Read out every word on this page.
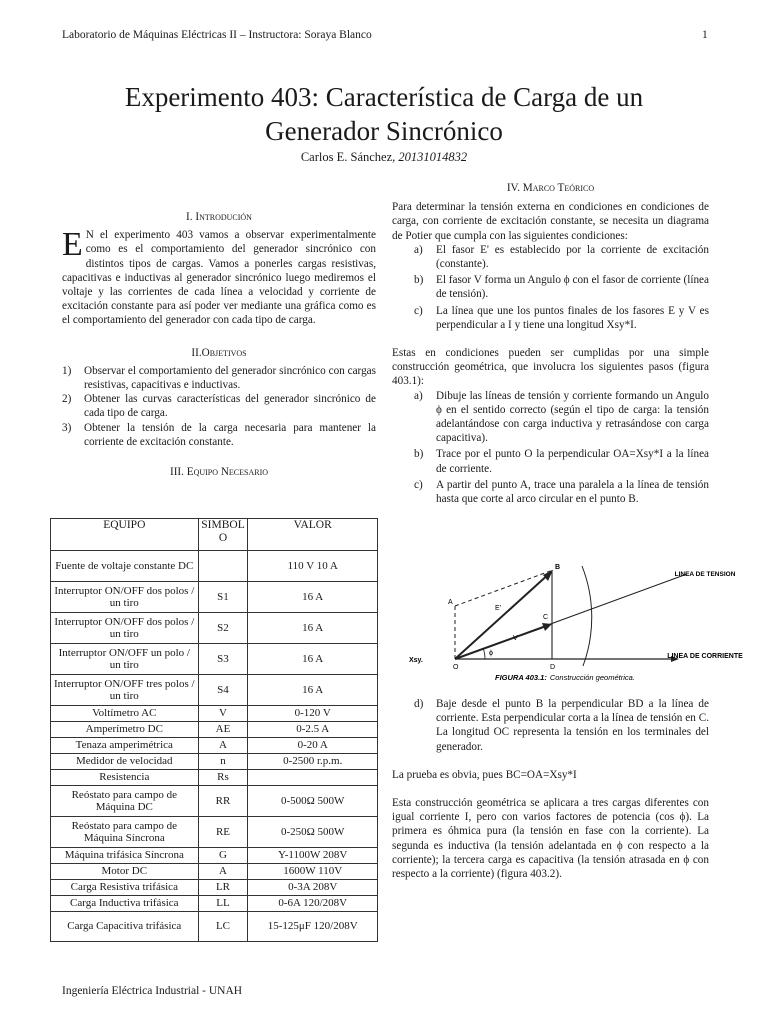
Laboratorio de Máquinas Eléctricas II – Instructora: Soraya Blanco	1
Experimento 403: Característica de Carga de un
Generador Sincrónico
Carlos E. Sánchez, 20131014832
I. Introdución
E N el experimento 403 vamos a observar experimentalmente como es el comportamiento del generador sincrónico con distintos tipos de cargas. Vamos a ponerles cargas resistivas, capacitivas e inductivas al generador sincrónico luego mediremos el voltaje y las corrientes de cada línea a velocidad y corriente de excitación constante para así poder ver mediante una gráfica como es el comportamiento del generador con cada tipo de carga.
II.Objetivos
1) Observar el comportamiento del generador sincrónico con cargas resistivas, capacitivas e inductivas.
2) Obtener las curvas características del generador sincrónico de cada tipo de carga.
3) Obtener la tensión de la carga necesaria para mantener la corriente de excitación constante.
III. Equipo Necesario
EQUIPO	SIMBOLO	VALOR
Fuente de voltaje constante DC		110 V 10 A
Interruptor ON/OFF dos polos / un tiro	S1	16 A
Interruptor ON/OFF dos polos / un tiro	S2	16 A
Interruptor ON/OFF un polo / un tiro	S3	16 A
Interruptor ON/OFF tres polos / un tiro	S4	16 A
Voltímetro AC	V	0-120 V
Amperímetro DC	AE	0-2.5 A
Tenaza amperimétrica	A	0-20 A
Medidor de velocidad	n	0-2500 r.p.m.
Resistencia	Rs	
Reóstato para campo de Máquina DC	RR	0-500Ω 500W
Reóstato para campo de Máquina Síncrona	RE	0-250Ω 500W
Máquina trifásica Síncrona	G	Y-1100W 208V
Motor DC	A	1600W 110V
Carga Resistiva trifásica	LR	0-3A 208V
Carga Inductiva trifásica	LL	0-6A 120/208V
Carga Capacitiva trifásica	LC	15-125μF 120/208V
IV. Marco Teórico
Para determinar la tensión externa en condiciones en condiciones de carga, con corriente de excitación constante, se necesita un diagrama de Potier que cumpla con las siguientes condiciones:
a) El fasor E' es establecido por la corriente de excitación (constante).
b) El fasor V forma un Angulo ϕ con el fasor de corriente (línea de tensión).
c) La línea que une los puntos finales de los fasores E y V es perpendicular a I y tiene una longitud Xsy*I.
Estas en condiciones pueden ser cumplidas por una simple construcción geométrica, que involucra los siguientes pasos (figura 403.1):
a) Dibuje las líneas de tensión y corriente formando un Angulo ϕ en el sentido correcto (según el tipo de carga: la tensión adelantándose con carga inductiva y retrasándose con carga capacitiva).
b) Trace por el punto O la perpendicular OA=Xsy*I a la línea de corriente.
c) A partir del punto A, trace una paralela a la línea de tensión hasta que corte al arco circular en el punto B.
B
C
D
O
A
ϕ
E'
V
Xsy.
LINEA DE TENSION
LINEA DE CORRIENTE
FIGURA 403.1: Construcción geométrica.
d) Baje desde el punto B la perpendicular BD a la línea de corriente. Esta perpendicular corta a la línea de tensión en C. La longitud OC representa la tensión en los terminales del generador.
La prueba es obvia, pues BC=OA=Xsy*I
Esta construcción geométrica se aplicara a tres cargas diferentes con igual corriente I, pero con varios factores de potencia (cos ϕ). La primera es óhmica pura (la tensión en fase con la corriente). La segunda es inductiva (la tensión adelantada en ϕ con respecto a la corriente); la tercera carga es capacitiva (la tensión atrasada en ϕ con respecto a la corriente) (figura 403.2).
Ingeniería Eléctrica Industrial - UNAH
